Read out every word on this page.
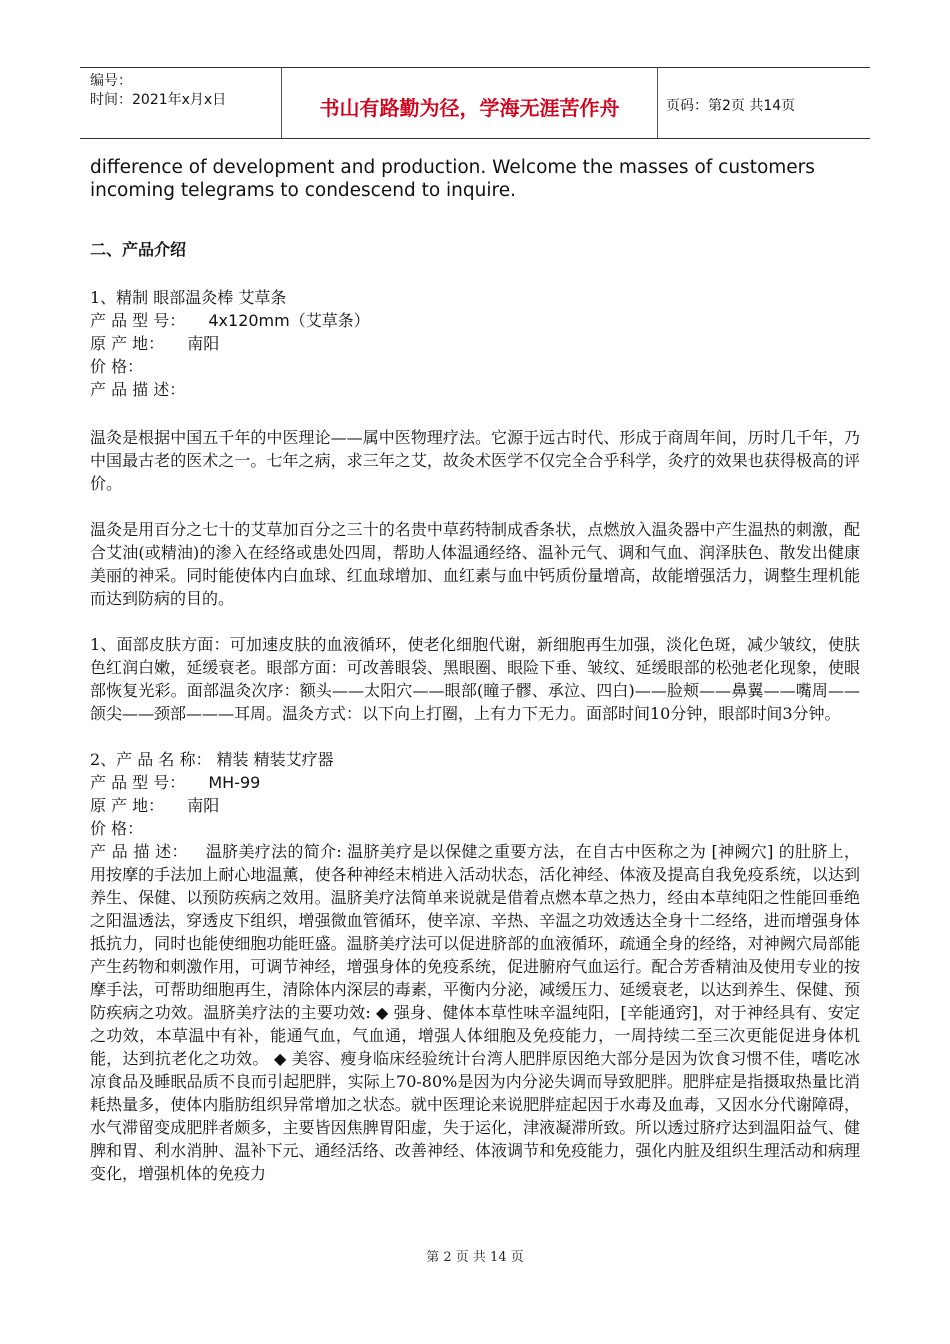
编号：
时间：2021年x月x日	书山有路勤为径，学海无涯苦作舟	页码：第2页 共14页

difference of development and production. Welcome the masses of customers incoming telegrams to condescend to inquire.

二、产品介绍

1、精制 眼部温灸棒 艾草条
产 品 型 号： 4x120mm（艾草条）
原 产 地： 南阳
价 格：
产 品 描 述：

温灸是根据中国五千年的中医理论——属中医物理疗法。它源于远古时代、形成于商周年间，历时几千年，乃中国最古老的医术之一。七年之病，求三年之艾，故灸术医学不仅完全合乎科学，灸疗的效果也获得极高的评价。

温灸是用百分之七十的艾草加百分之三十的名贵中草药特制成香条状，点燃放入温灸器中产生温热的刺激，配合艾油(或精油)的渗入在经络或患处四周，帮助人体温通经络、温补元气、调和气血、润泽肤色、散发出健康美丽的神采。同时能使体内白血球、红血球增加、血红素与血中钙质份量增高，故能增强活力，调整生理机能而达到防病的目的。

1、面部皮肤方面：可加速皮肤的血液循环，使老化细胞代谢，新细胞再生加强，淡化色斑，减少皱纹，使肤色红润白嫩，延缓衰老。眼部方面：可改善眼袋、黑眼圈、眼险下垂、皱纹、延缓眼部的松弛老化现象，使眼部恢复光彩。面部温灸次序：额头——太阳穴——眼部(瞳子髎、承泣、四白)——脸颊——鼻翼——嘴周——颌尖——颈部———耳周。温灸方式：以下向上打圈，上有力下无力。面部时间10分钟，眼部时间3分钟。

2、产 品 名 称： 精装 精装艾疗器
产 品 型 号： MH-99
原 产 地： 南阳
价 格：

产 品 描 述： 温脐美疗法的简介: 温脐美疗是以保健之重要方法，在自古中医称之为 [神阙穴] 的肚脐上，用按摩的手法加上耐心地温薰，使各种神经末梢进入活动状态，活化神经、体液及提高自我免疫系统，以达到养生、保健、以预防疾病之效用。温脐美疗法简单来说就是借着点燃本草之热力，经由本草纯阳之性能回垂绝之阳温透法，穿透皮下组织，增强微血管循环，使辛凉、辛热、辛温之功效透达全身十二经络，进而增强身体抵抗力，同时也能使细胞功能旺盛。温脐美疗法可以促进脐部的血液循环，疏通全身的经络，对神阙穴局部能产生药物和刺激作用，可调节神经，增强身体的免疫系统，促进腑府气血运行。配合芳香精油及使用专业的按摩手法，可帮助细胞再生，清除体内深层的毒素，平衡内分泌，减缓压力、延缓衰老，以达到养生、保健、预防疾病之功效。温脐美疗法的主要功效: ◆ 强身、健体本草性味辛温纯阳，[辛能通窍]，对于神经具有、安定之功效，本草温中有补，能通气血，气血通，增强人体细胞及免疫能力，一周持续二至三次更能促进身体机能，达到抗老化之功效。 ◆ 美容、瘦身临床经验统计台湾人肥胖原因绝大部分是因为饮食习惯不佳，嗜吃冰凉食品及睡眠品质不良而引起肥胖，实际上70-80%是因为内分泌失调而导致肥胖。肥胖症是指摄取热量比消耗热量多，使体内脂肪组织异常增加之状态。就中医理论来说肥胖症起因于水毒及血毒，又因水分代谢障碍，水气滞留变成肥胖者颇多，主要皆因焦脾胃阳虚，失于运化，津液凝滞所致。所以透过脐疗达到温阳益气、健脾和胃、利水消肿、温补下元、通经活络、改善神经、体液调节和免疫能力，强化内脏及组织生理活动和病理变化，增强机体的免疫力

第 2 页 共 14 页
